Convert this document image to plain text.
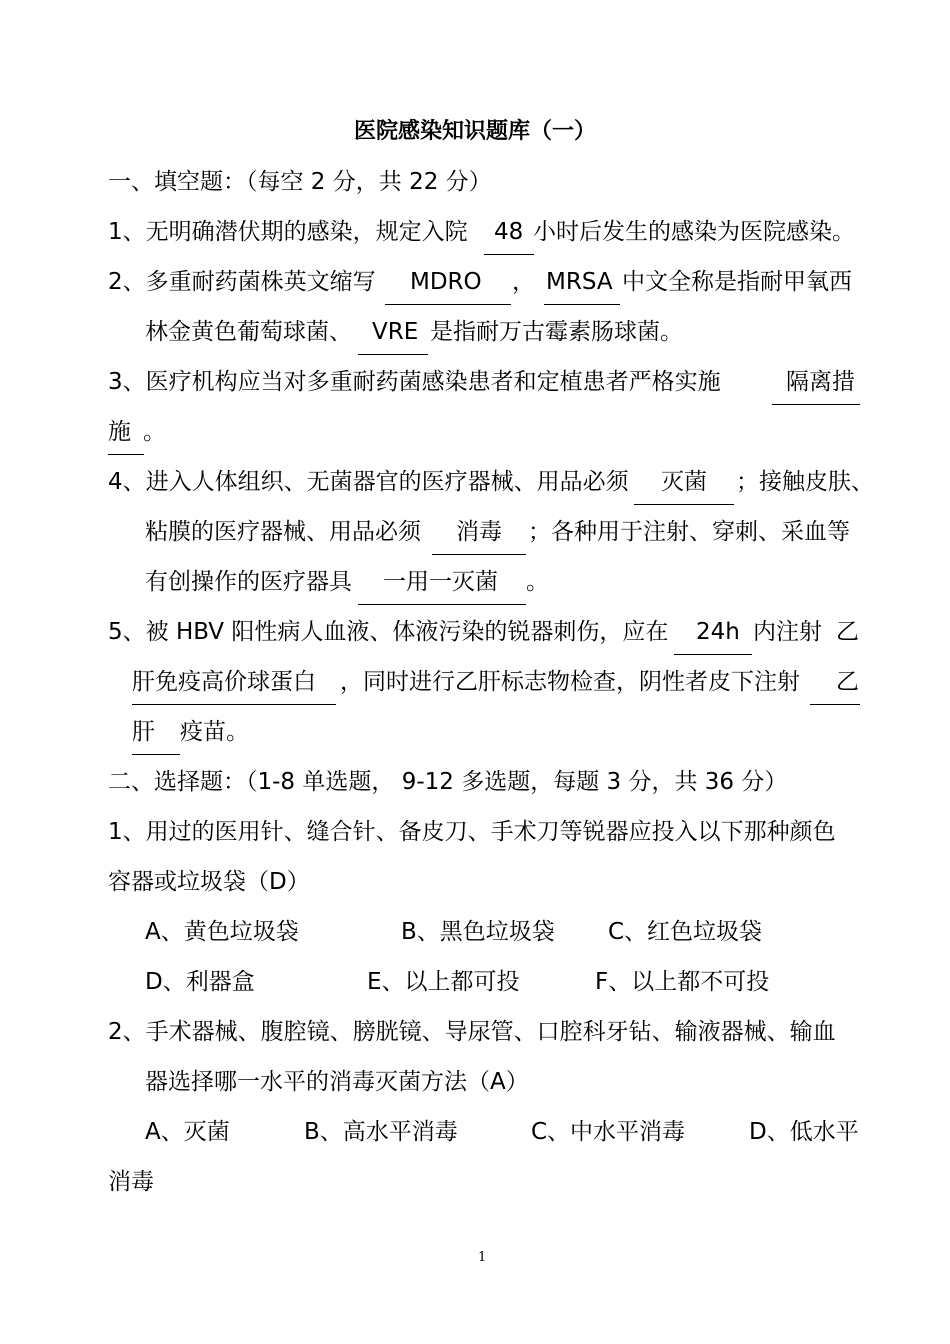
医院感染知识题库（一）
一、填空题：（每空 2 分，共 22 分）
1、无明确潜伏期的感染，规定入院 48 小时后发生的感染为医院感染。
2、多重耐药菌株英文缩写 MDRO ， MRSA 中文全称是指耐甲氧西
林金黄色葡萄球菌、 VRE 是指耐万古霉素肠球菌。
3、医疗机构应当对多重耐药菌感染患者和定植患者严格实施	隔离措
施 。
4、进入人体组织、无菌器官的医疗器械、用品必须 灭菌 ；接触皮肤、
粘膜的医疗器械、用品必须 消毒 ；各种用于注射、穿刺、采血等
有创操作的医疗器具 一用一灭菌 。
5、被 HBV 阳性病人血液、体液污染的锐器刺伤，应在 24h 内注射 乙
肝免疫高价球蛋白 ，同时进行乙肝标志物检查，阴性者皮下注射 乙
肝 疫苗。
二、选择题：（1-8 单选题， 9-12 多选题，每题 3 分，共 36 分）
1、用过的医用针、缝合针、备皮刀、手术刀等锐器应投入以下那种颜色
容器或垃圾袋（D）
A、黄色垃圾袋	B、黑色垃圾袋 C、红色垃圾袋
D、利器盒	E、以上都可投	F、以上都不可投
2、手术器械、腹腔镜、膀胱镜、导尿管、口腔科牙钻、输液器械、输血
器选择哪一水平的消毒灭菌方法（A）
A、灭菌	B、高水平消毒	C、中水平消毒	D、低水平
消毒
1
